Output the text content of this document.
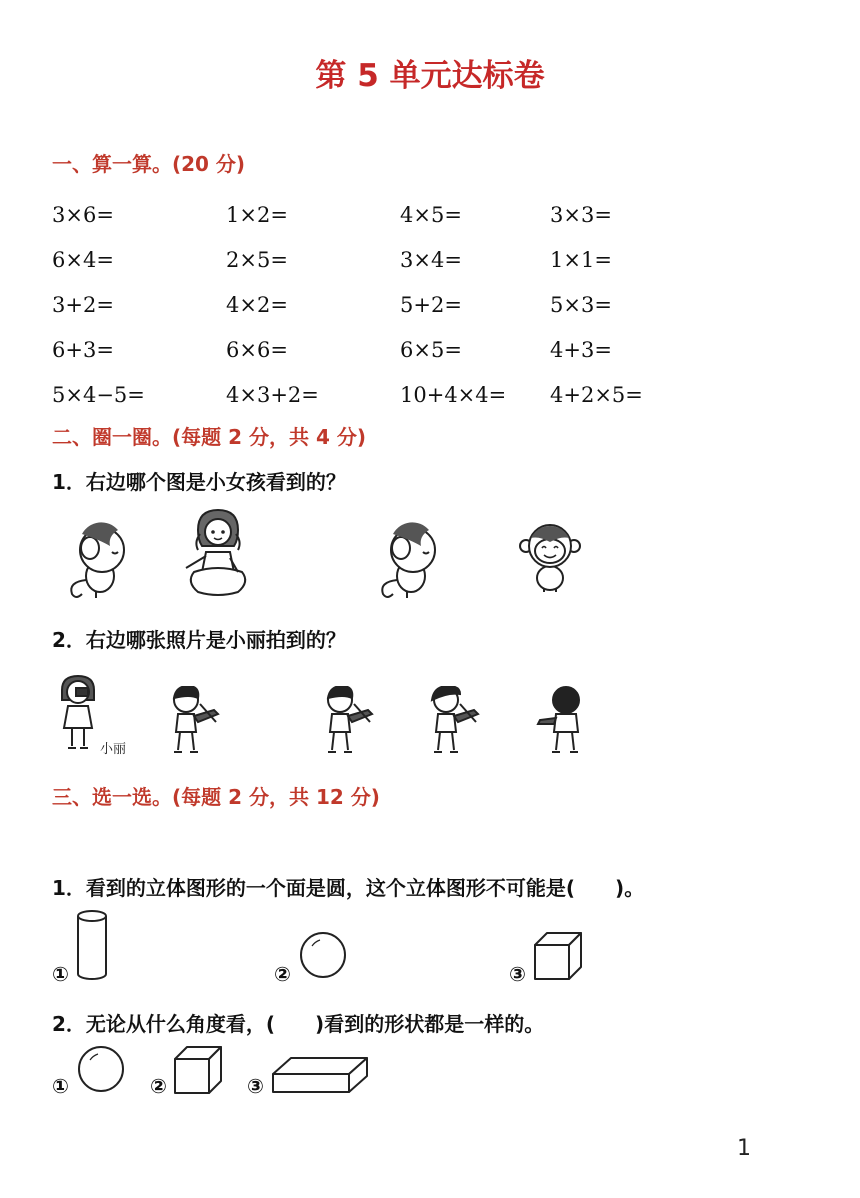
第 5 单元达标卷
一、算一算。(20 分)
3×6=	1×2=	4×5=	3×3=
6×4=	2×5=	3×4=	1×1=
3+2=	4×2=	5+2=	5×3=
6+3=	6×6=	6×5=	4+3=
5×4−5=	4×3+2=	10+4×4=	4+2×5=
二、圈一圈。(每题 2 分，共 4 分)
1．右边哪个图是小女孩看到的？
2．右边哪张照片是小丽拍到的？
小丽
三、选一选。(每题 2 分，共 12 分)
1．看到的立体图形的一个面是圆，这个立体图形不可能是(　　)。
①	②	③
2．无论从什么角度看，(　　)看到的形状都是一样的。
①	②	③
1
